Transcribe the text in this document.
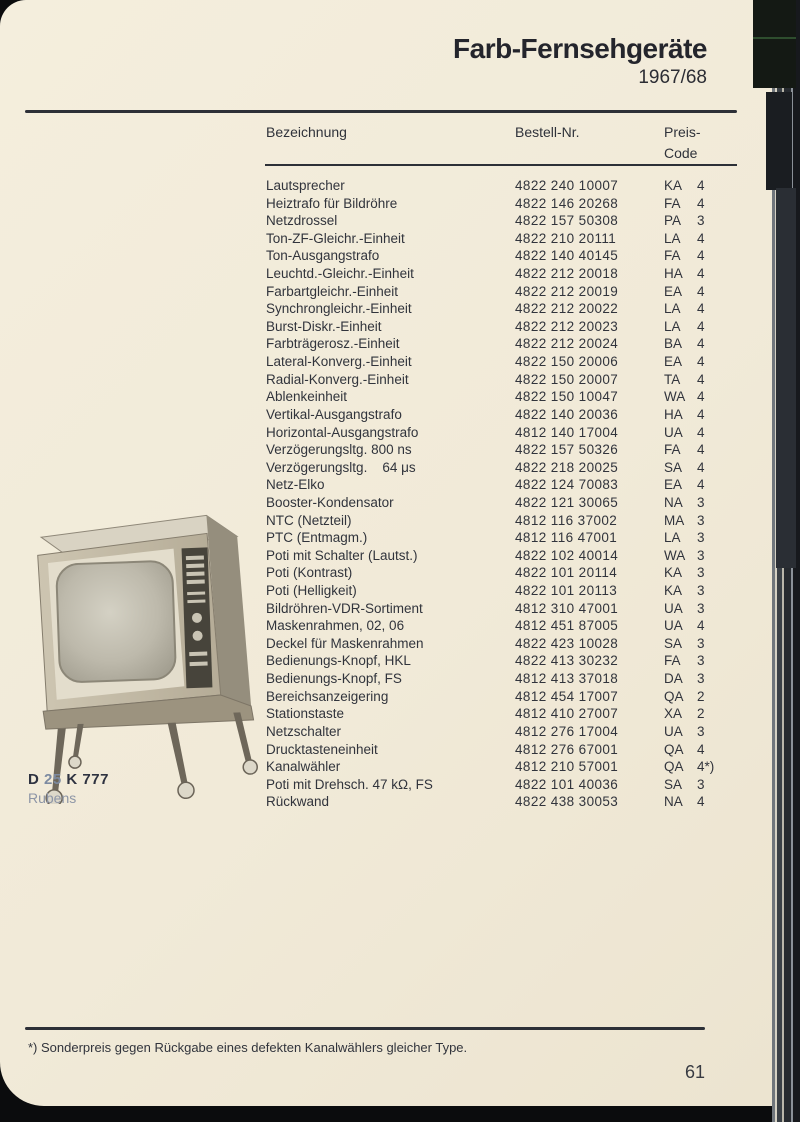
Farb-Fernsehgeräte
1967/68
Bezeichnung	Bestell-Nr.	Preis-
Code
Lautsprecher	4822 240 10007	KA 4
Heiztrafo für Bildröhre	4822 146 20268	FA 4
Netzdrossel	4822 157 50308	PA 3
Ton-ZF-Gleichr.-Einheit	4822 210 20111	LA 4
Ton-Ausgangstrafo	4822 140 40145	FA 4
Leuchtd.-Gleichr.-Einheit	4822 212 20018	HA 4
Farbartgleichr.-Einheit	4822 212 20019	EA 4
Synchrongleichr.-Einheit	4822 212 20022	LA 4
Burst-Diskr.-Einheit	4822 212 20023	LA 4
Farbträgerosz.-Einheit	4822 212 20024	BA 4
Lateral-Konverg.-Einheit	4822 150 20006	EA 4
Radial-Konverg.-Einheit	4822 150 20007	TA 4
Ablenkeinheit	4822 150 10047	WA 4
Vertikal-Ausgangstrafo	4822 140 20036	HA 4
Horizontal-Ausgangstrafo	4812 140 17004	UA 4
Verzögerungsltg. 800 ns	4822 157 50326	FA 4
Verzögerungsltg.    64 μs	4822 218 20025	SA 4
Netz-Elko	4822 124 70083	EA 4
Booster-Kondensator	4822 121 30065	NA 3
NTC (Netzteil)	4812 116 37002	MA 3
PTC (Entmagm.)	4812 116 47001	LA 3
Poti mit Schalter (Lautst.)	4822 102 40014	WA 3
Poti (Kontrast)	4822 101 20114	KA 3
Poti (Helligkeit)	4822 101 20113	KA 3
Bildröhren-VDR-Sortiment	4812 310 47001	UA 3
Maskenrahmen, 02, 06	4812 451 87005	UA 4
Deckel für Maskenrahmen	4822 423 10028	SA 3
Bedienungs-Knopf, HKL	4822 413 30232	FA 3
Bedienungs-Knopf, FS	4812 413 37018	DA 3
Bereichsanzeigering	4812 454 17007	QA 2
Stationstaste	4812 410 27007	XA 2
Netzschalter	4812 276 17004	UA 3
Drucktasteneinheit	4812 276 67001	QA 4
Kanalwähler	4812 210 57001	QA 4*)
Poti mit Drehsch. 47 kΩ, FS	4822 101 40036	SA 3
Rückwand	4822 438 30053	NA 4
D 25 K 777
Rubens
*) Sonderpreis gegen Rückgabe eines defekten Kanalwählers gleicher Type.
61
